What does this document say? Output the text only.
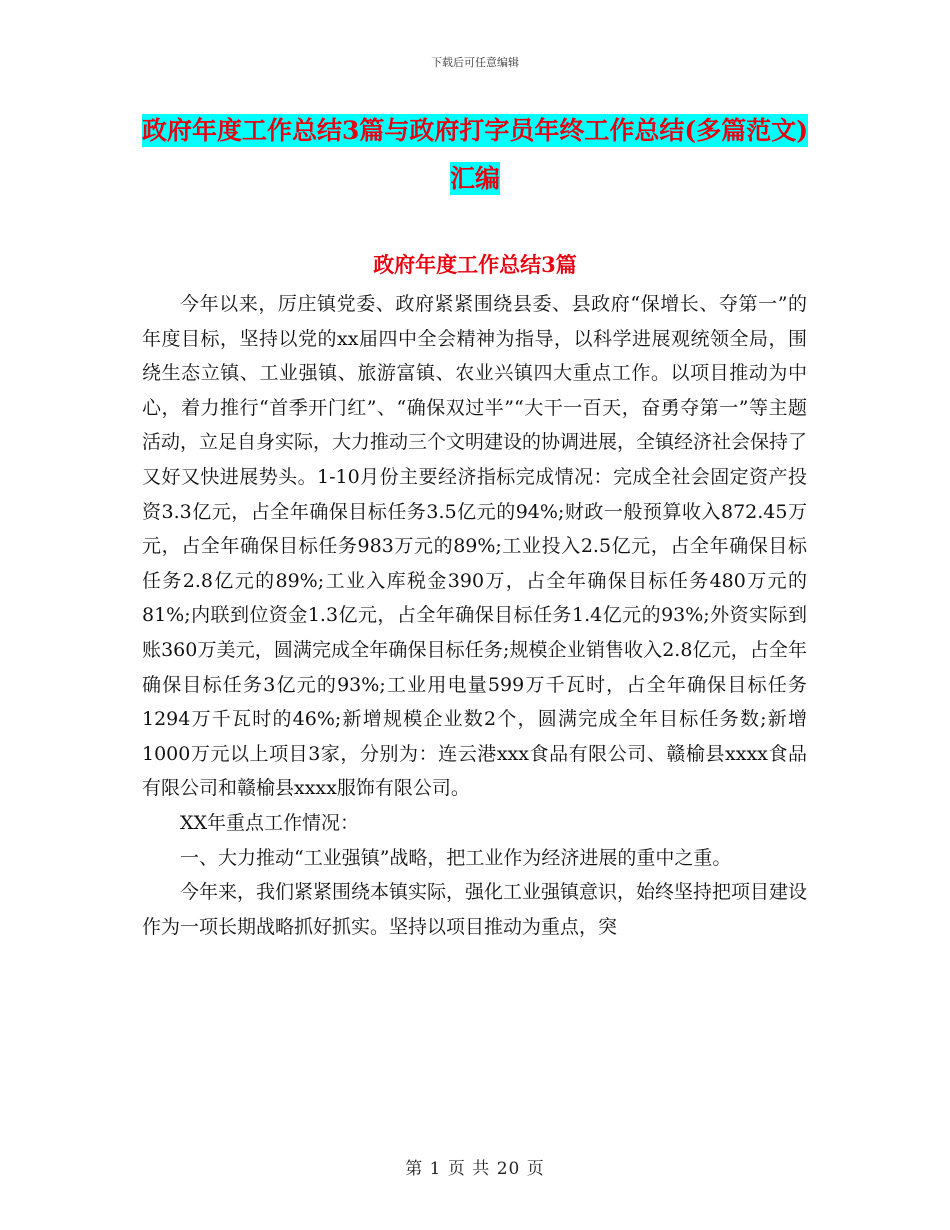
下载后可任意编辑
政府年度工作总结3篇与政府打字员年终工作总结(多篇范文)汇编
政府年度工作总结3篇

今年以来，厉庄镇党委、政府紧紧围绕县委、县政府“保增长、夺第一”的年度目标，坚持以党的xx届四中全会精神为指导，以科学进展观统领全局，围绕生态立镇、工业强镇、旅游富镇、农业兴镇四大重点工作。以项目推动为中心，着力推行“首季开门红”、“确保双过半”“大干一百天，奋勇夺第一”等主题活动，立足自身实际，大力推动三个文明建设的协调进展，全镇经济社会保持了又好又快进展势头。1-10月份主要经济指标完成情况：完成全社会固定资产投资3.3亿元，占全年确保目标任务3.5亿元的94%;财政一般预算收入872.45万元，占全年确保目标任务983万元的89%;工业投入2.5亿元，占全年确保目标任务2.8亿元的89%;工业入库税金390万，占全年确保目标任务480万元的81%;内联到位资金1.3亿元，占全年确保目标任务1.4亿元的93%;外资实际到账360万美元，圆满完成全年确保目标任务;规模企业销售收入2.8亿元，占全年确保目标任务3亿元的93%;工业用电量599万千瓦时，占全年确保目标任务1294万千瓦时的46%;新增规模企业数2个，圆满完成全年目标任务数;新增1000万元以上项目3家，分别为：连云港xxx食品有限公司、赣榆县xxxx食品有限公司和赣榆县xxxx服饰有限公司。

XX年重点工作情况：

一、大力推动“工业强镇”战略，把工业作为经济进展的重中之重。

今年来，我们紧紧围绕本镇实际，强化工业强镇意识，始终坚持把项目建设作为一项长期战略抓好抓实。坚持以项目推动为重点，突

第 1 页 共 20 页
